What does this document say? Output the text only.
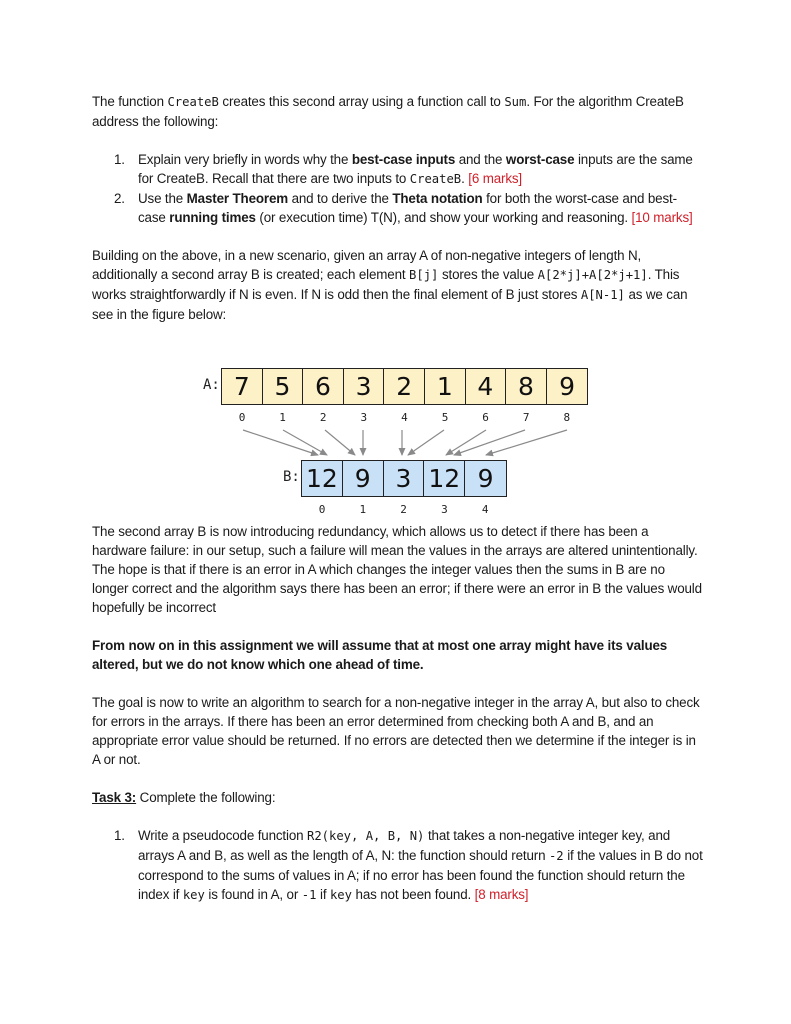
The function CreateB creates this second array using a function call to Sum. For the algorithm CreateB address the following:

1. Explain very briefly in words why the best-case inputs and the worst-case inputs are the same for CreateB. Recall that there are two inputs to CreateB. [6 marks]
2. Use the Master Theorem and to derive the Theta notation for both the worst-case and best-case running times (or execution time) T(N), and show your working and reasoning. [10 marks]

Building on the above, in a new scenario, given an array A of non-negative integers of length N, additionally a second array B is created; each element B[j] stores the value A[2*j]+A[2*j+1]. This works straightforwardly if N is even. If N is odd then the final element of B just stores A[N-1] as we can see in the figure below:

The second array B is now introducing redundancy, which allows us to detect if there has been a hardware failure: in our setup, such a failure will mean the values in the arrays are altered unintentionally. The hope is that if there is an error in A which changes the integer values then the sums in B are no longer correct and the algorithm says there has been an error; if there were an error in B the values would hopefully be incorrect

From now on in this assignment we will assume that at most one array might have its values altered, but we do not know which one ahead of time.

The goal is now to write an algorithm to search for a non-negative integer in the array A, but also to check for errors in the arrays. If there has been an error determined from checking both A and B, and an appropriate error value should be returned. If no errors are detected then we determine if the integer is in A or not.

Task 3: Complete the following:

1. Write a pseudocode function R2(key, A, B, N) that takes a non-negative integer key, and arrays A and B, as well as the length of A, N: the function should return -2 if the values in B do not correspond to the sums of values in A; if no error has been found the function should return the index if key is found in A, or -1 if key has not been found. [8 marks]
A: 7 5 6 3 2 1 4 8	9
0	1	2	3	4	5	6	7	8
B: 12 9 3 12 9
0	1	2	3	4
